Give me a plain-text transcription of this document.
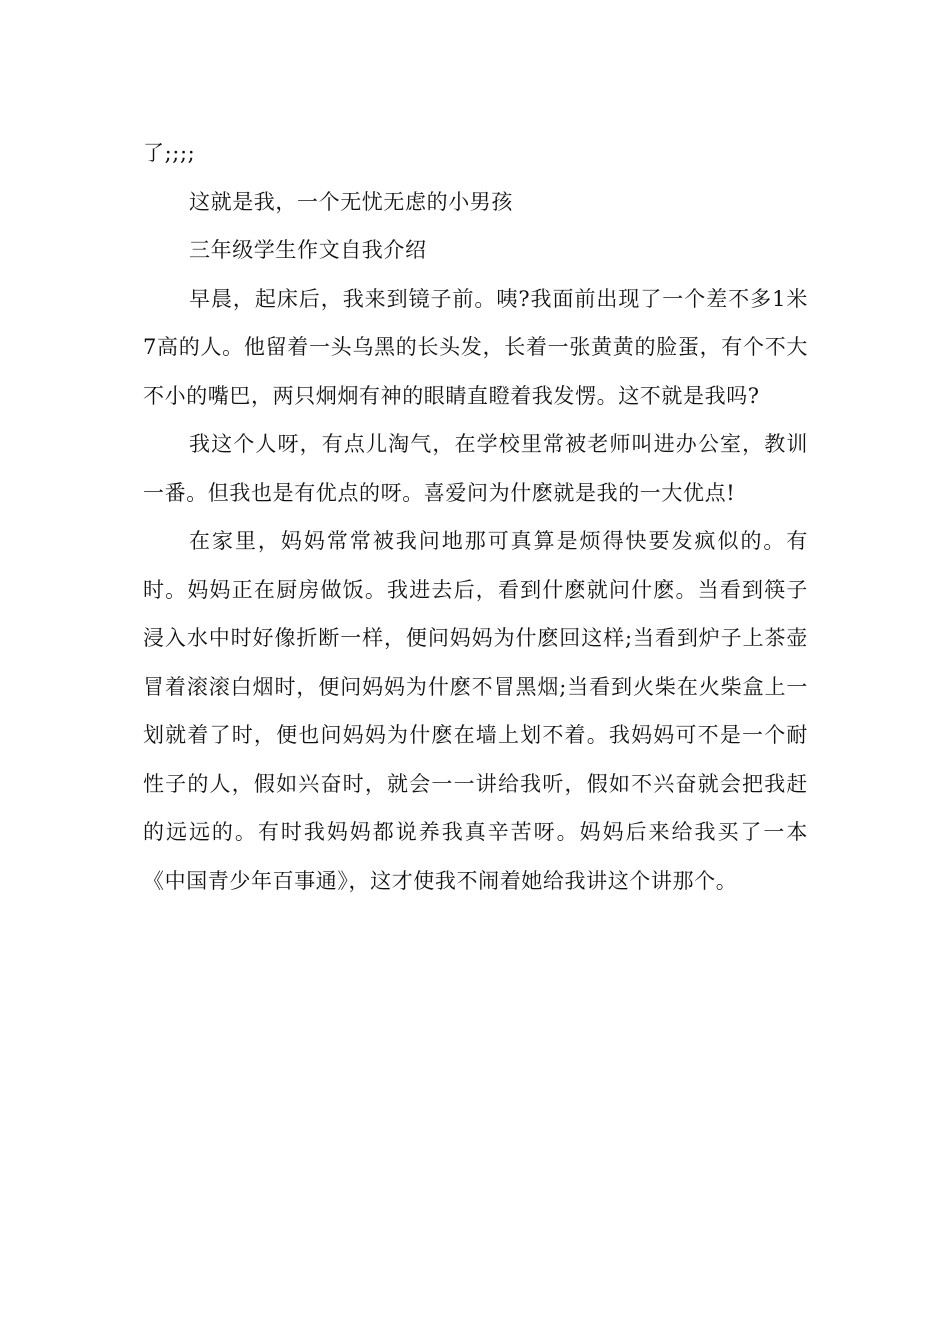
了;;;;

这就是我，一个无忧无虑的小男孩

三年级学生作文自我介绍

早晨，起床后，我来到镜子前。咦?我面前出现了一个差不多1米7高的人。他留着一头乌黑的长头发，长着一张黄黄的脸蛋，有个不大不小的嘴巴，两只炯炯有神的眼睛直瞪着我发愣。这不就是我吗?

我这个人呀，有点儿淘气，在学校里常被老师叫进办公室，教训一番。但我也是有优点的呀。喜爱问为什麽就是我的一大优点!

在家里，妈妈常常被我问地那可真算是烦得快要发疯似的。有时。妈妈正在厨房做饭。我进去后，看到什麽就问什麽。当看到筷子浸入水中时好像折断一样，便问妈妈为什麽回这样;当看到炉子上茶壶冒着滚滚白烟时，便问妈妈为什麽不冒黑烟;当看到火柴在火柴盒上一划就着了时，便也问妈妈为什麽在墙上划不着。我妈妈可不是一个耐性子的人，假如兴奋时，就会一一讲给我听，假如不兴奋就会把我赶的远远的。有时我妈妈都说养我真辛苦呀。妈妈后来给我买了一本《中国青少年百事通》，这才使我不闹着她给我讲这个讲那个。
